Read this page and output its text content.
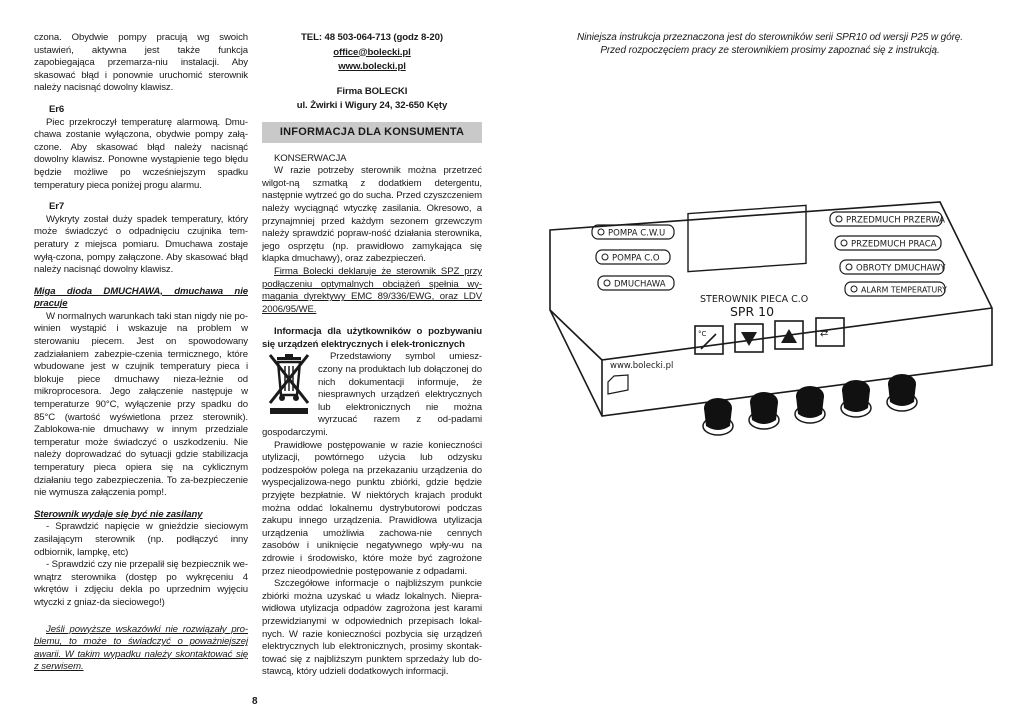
czona. Obydwie pompy pracują wg swoich ustawień, aktywna jest także funkcja zapobiegająca przemarza-niu instalacji. Aby skasować błąd i ponownie uruchomić sterownik należy nacisnąć dowolny klawisz.

Er6

Piec przekroczył temperaturę alarmową. Dmu-chawa zostanie wyłączona, obydwie pompy załą-czone. Aby skasować błąd należy nacisnąć dowolny klawisz. Ponowne wystąpienie tego błędu będzie możliwe po wcześniejszym spadku temperatury pieca poniżej progu alarmu.

Er7

Wykryty został duży spadek temperatury, który może świadczyć o odpadnięciu czujnika tem-peratury z miejsca pomiaru. Dmuchawa zostaje wyłą-czona, pompy załączone. Aby skasować błąd należy nacisnąć dowolny klawisz.

Miga dioda DMUCHAWA, dmuchawa nie pracuje

W normalnych warunkach taki stan nigdy nie po-winien wystąpić i wskazuje na problem w sterowaniu piecem. Jest on spowodowany zadziałaniem zabezpie-czenia termicznego, które wbudowane jest w czujnik temperatury pieca i blokuje piece dmuchawy nieza-leżnie od mikroprocesora. Jego załączenie następuje w temperaturze 90°C, wyłączenie przy spadku do 85°C (wartość wyświetlona przez sterownik). Zablokowa-nie dmuchawy w innym przedziale temperatur może świadczyć o uszkodzeniu. Nie należy doprowadzać do sytuacji gdzie stabilizacja temperatury pieca opiera się na cyklicznym działaniu tego zabezpieczenia. To za-bezpieczenie nie wymusza załączenia pomp!.

Sterownik wydaje się być nie zasilany

- Sprawdzić napięcie w gnieździe sieciowym zasilającym sterownik (np. podłączyć inny odbiornik, lampkę, etc)

- Sprawdzić czy nie przepalił się bezpiecznik we-wnątrz sterownika (dostęp po wykręceniu 4 wkrętów i zdjęciu dekla po uprzednim wyjęciu wtyczki z gniaz-da sieciowego!)

Jeśli powyższe wskazówki nie rozwiązały pro-blemu, to może to świadczyć o poważniejszej awarii. W takim wypadku należy skontaktować się z serwisem.

8

TEL: 48 503-064-713 (godz 8-20)

office@bolecki.pl

www.bolecki.pl

Firma BOLECKI

ul. Żwirki i Wigury 24, 32-650 Kęty

INFORMACJA DLA KONSUMENTA

KONSERWACJA

W razie potrzeby sterownik można przetrzeć wilgot-ną szmatką z dodatkiem detergentu, następnie wytrzeć go do sucha. Przed czyszczeniem należy wyciągnąć wtyczkę zasilania. Okresowo, a przynajmniej przed każdym sezonem grzewczym należy sprawdzić popraw-ność działania sterownika, jego osprzętu (np. prawidłowo zamykająca się klapka dmuchawy), oraz zabezpieczeń.

Firma Bolecki deklaruje że sterownik SPZ przy podłączeniu optymalnych obciążeń spełnia wy-magania dyrektywy EMC 89/336/EWG, oraz LDV 2006/95/WE.

Informacja dla użytkowników o pozbywaniu się urządzeń elektrycznych i elek-tronicznych

Przedstawiony symbol umiesz-czony na produktach lub dołączonej do nich dokumentacji informuje, że niesprawnych urządzeń elektrycznych lub elektronicznych nie można wyrzucać razem z od-padami gospodarczymi.

Prawidłowe postępowanie w razie konieczności utylizacji, powtórnego użycia lub odzysku podzespołów polega na przekazaniu urządzenia do wyspecjalizowa-nego punktu zbiórki, gdzie będzie przyjęte bezpłatnie. W niektórych krajach produkt można oddać lokalnemu dystrybutorowi podczas zakupu innego urządzenia. Prawidłowa utylizacja urządzenia umożliwia zachowa-nie cennych zasobów i uniknięcie negatywnego wpły-wu na zdrowie i środowisko, które może być zagrożone przez nieodpowiednie postępowanie z odpadami.

Szczegółowe informacje o najbliższym punkcie zbiórki można uzyskać u władz lokalnych. Niepra-widłowa utylizacja odpadów zagrożona jest karami przewidzianymi w odpowiednich przepisach lokal-nych. W razie konieczności pozbycia się urządzeń elektrycznych lub elektronicznych, prosimy skontak-tować się z najbliższym punktem sprzedaży lub do-stawcą, który udzieli dodatkowych informacji.

Niniejsza instrukcja przeznaczona jest do sterowników serii SPR10 od wersji P25 w górę.

Przed rozpoczęciem pracy ze sterownikiem prosimy zapoznać się z instrukcją.

POMPA C.W.U
POMPA C.O
DMUCHAWA
PRZEDMUCH PRZERWA
PRZEDMUCH PRACA
OBROTY DMUCHAWY
ALARM TEMPERATURY
STEROWNIK PIECA C.O
SPR 10
°C	⇄
www.bolecki.pl
